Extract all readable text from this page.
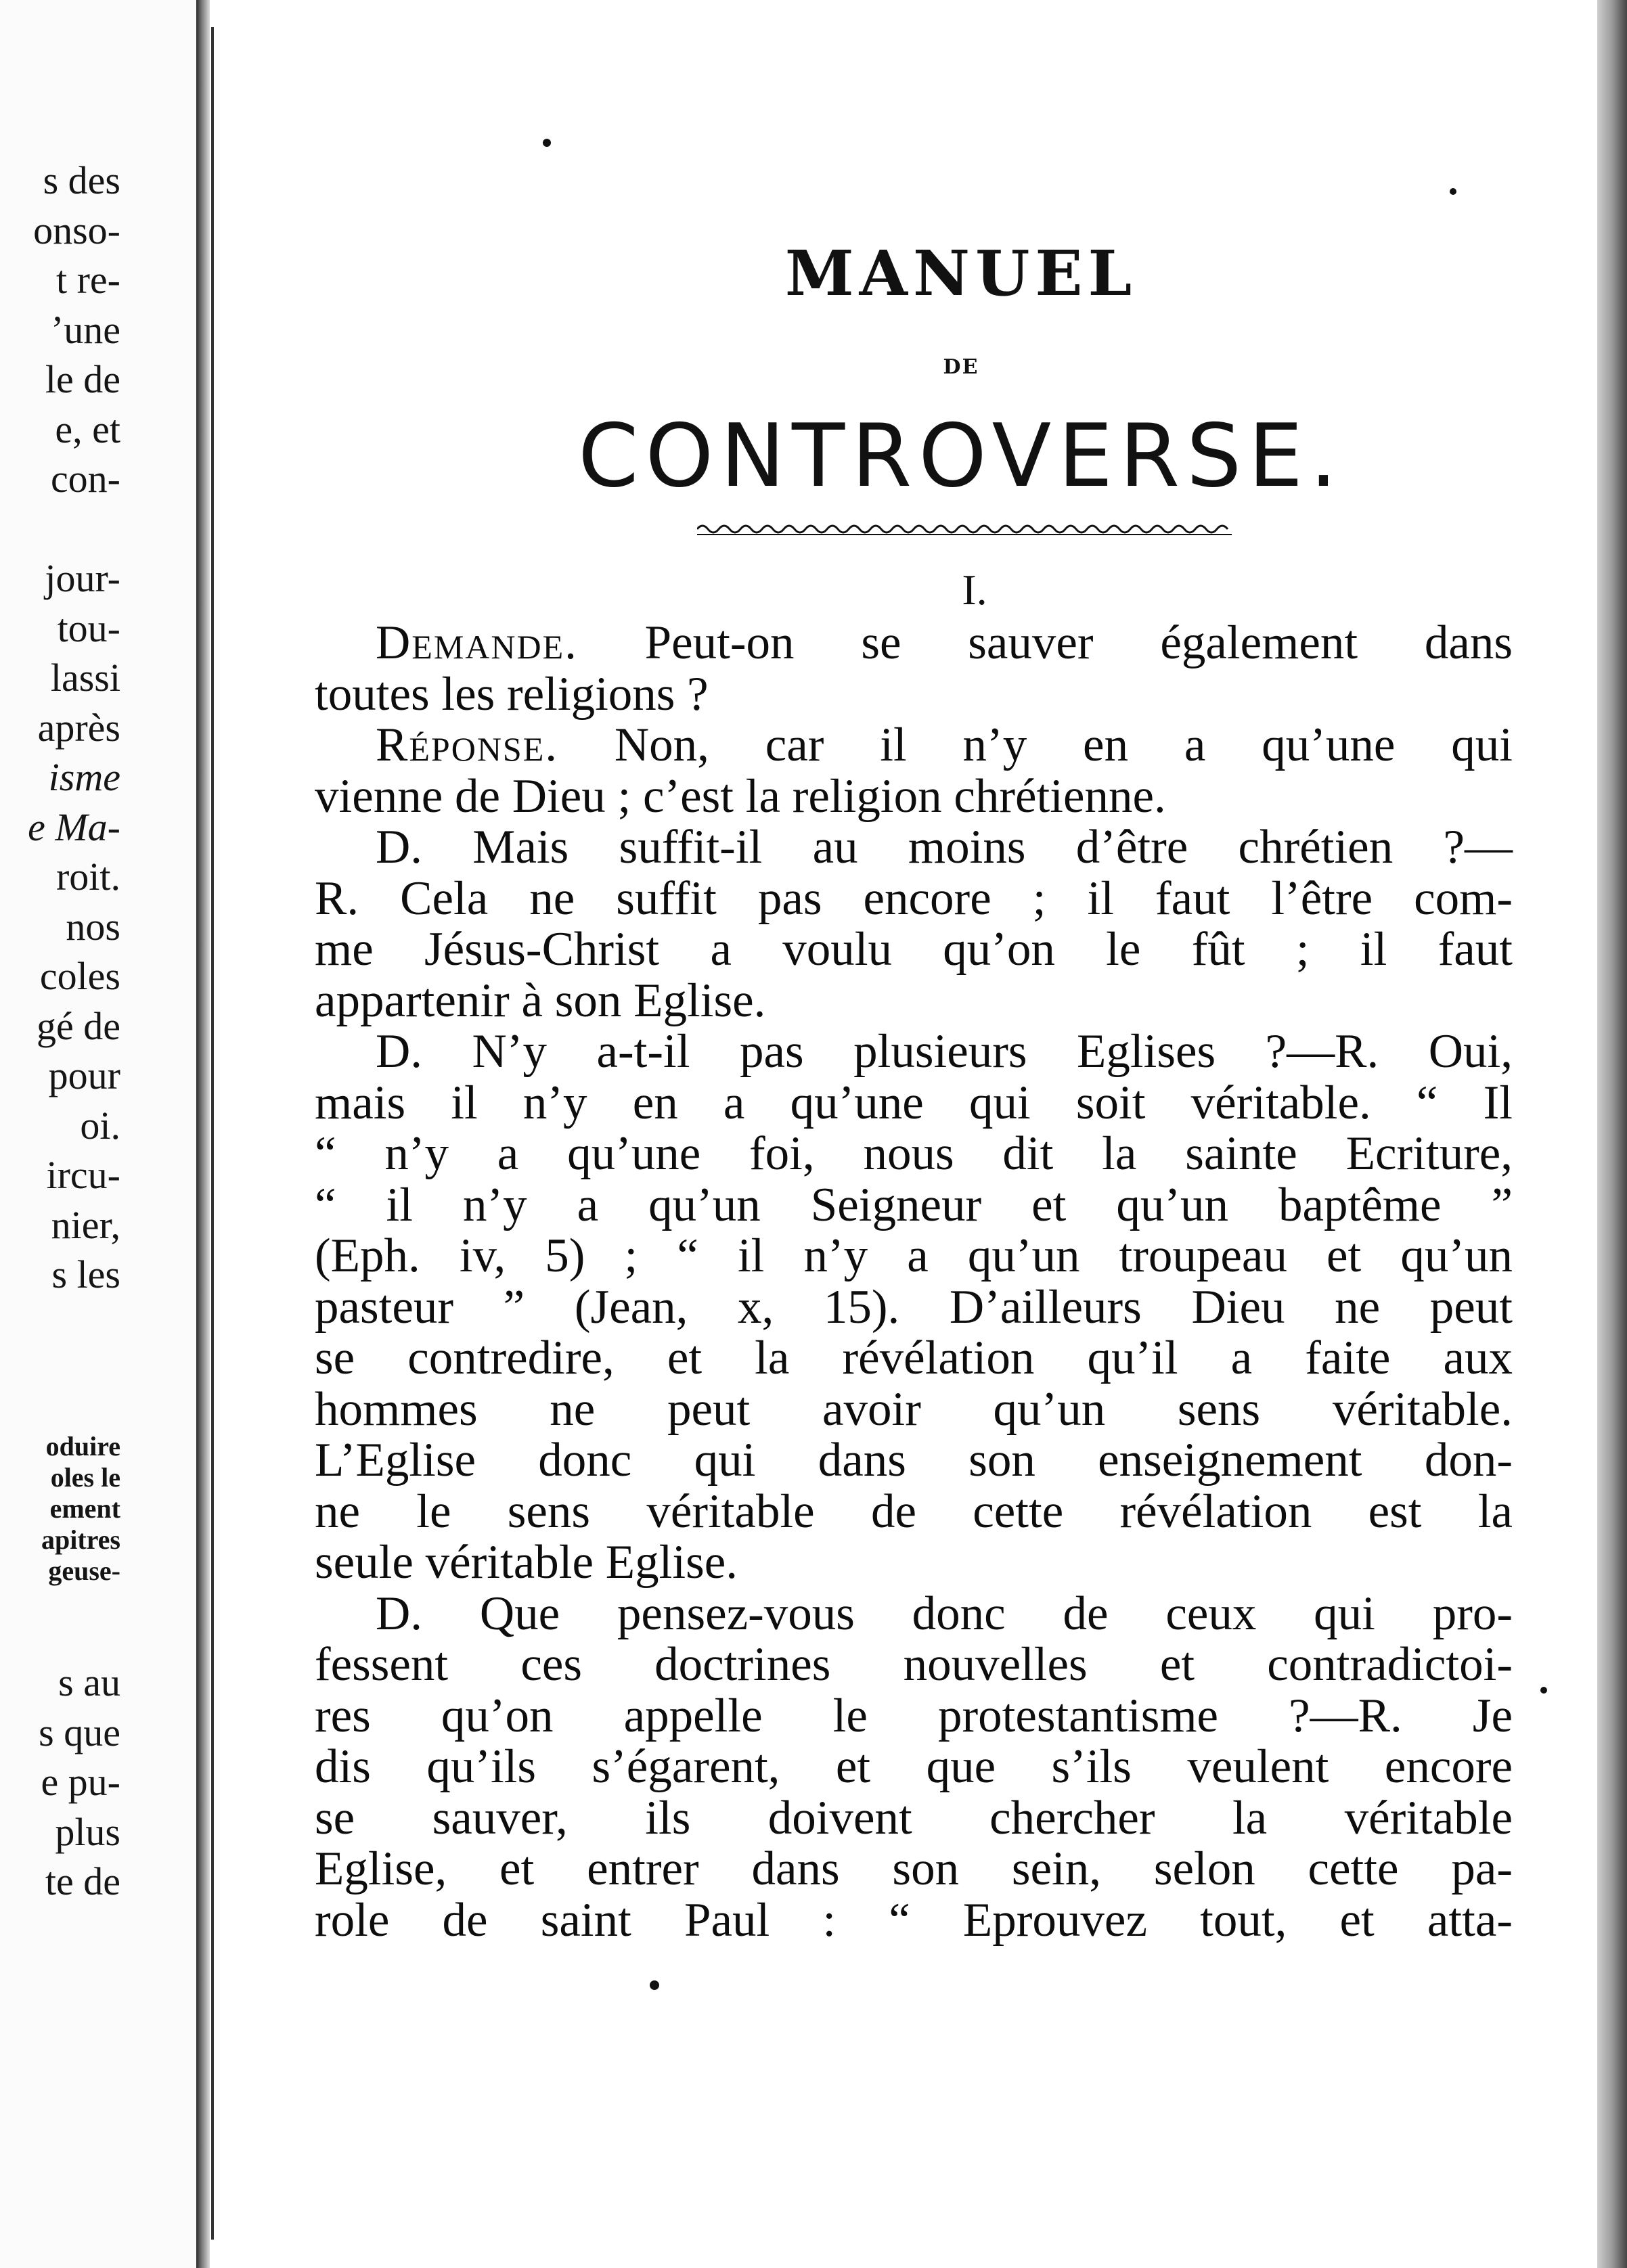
s des
onso-
t re-
’une
le de
e, et
con-

jour-
tou-
lassi
après
isme
e Ma-
roit.
nos
coles
gé de
pour
oi.
ircu-
nier,
s les
oduire
oles le
ement
apitres
geuse-
s au
s que
e pu-
plus
te de
MANUEL
DE
CONTROVERSE.
I.

Demande. Peut-on se sauver également dans
toutes les religions ?

Réponse. Non, car il n’y en a qu’une qui
vienne de Dieu ; c’est la religion chrétienne.

D. Mais suffit-il au moins d’être chrétien ?—
R. Cela ne suffit pas encore ; il faut l’être com-
me Jésus-Christ a voulu qu’on le fût ; il faut
appartenir à son Eglise.

D. N’y a-t-il pas plusieurs Eglises ?—R. Oui,
mais il n’y en a qu’une qui soit véritable. “ Il
“ n’y a qu’une foi, nous dit la sainte Ecriture,
“ il n’y a qu’un Seigneur et qu’un baptême ”
(Eph. iv, 5) ; “ il n’y a qu’un troupeau et qu’un
pasteur ” (Jean, x, 15). D’ailleurs Dieu ne peut
se contredire, et la révélation qu’il a faite aux
hommes ne peut avoir qu’un sens véritable.
L’Eglise donc qui dans son enseignement don-
ne le sens véritable de cette révélation est la
seule véritable Eglise.

D. Que pensez-vous donc de ceux qui pro-
fessent ces doctrines nouvelles et contradictoi-
res qu’on appelle le protestantisme ?—R. Je
dis qu’ils s’égarent, et que s’ils veulent encore
se sauver, ils doivent chercher la véritable
Eglise, et entrer dans son sein, selon cette pa-
role de saint Paul : “ Eprouvez tout, et atta-
